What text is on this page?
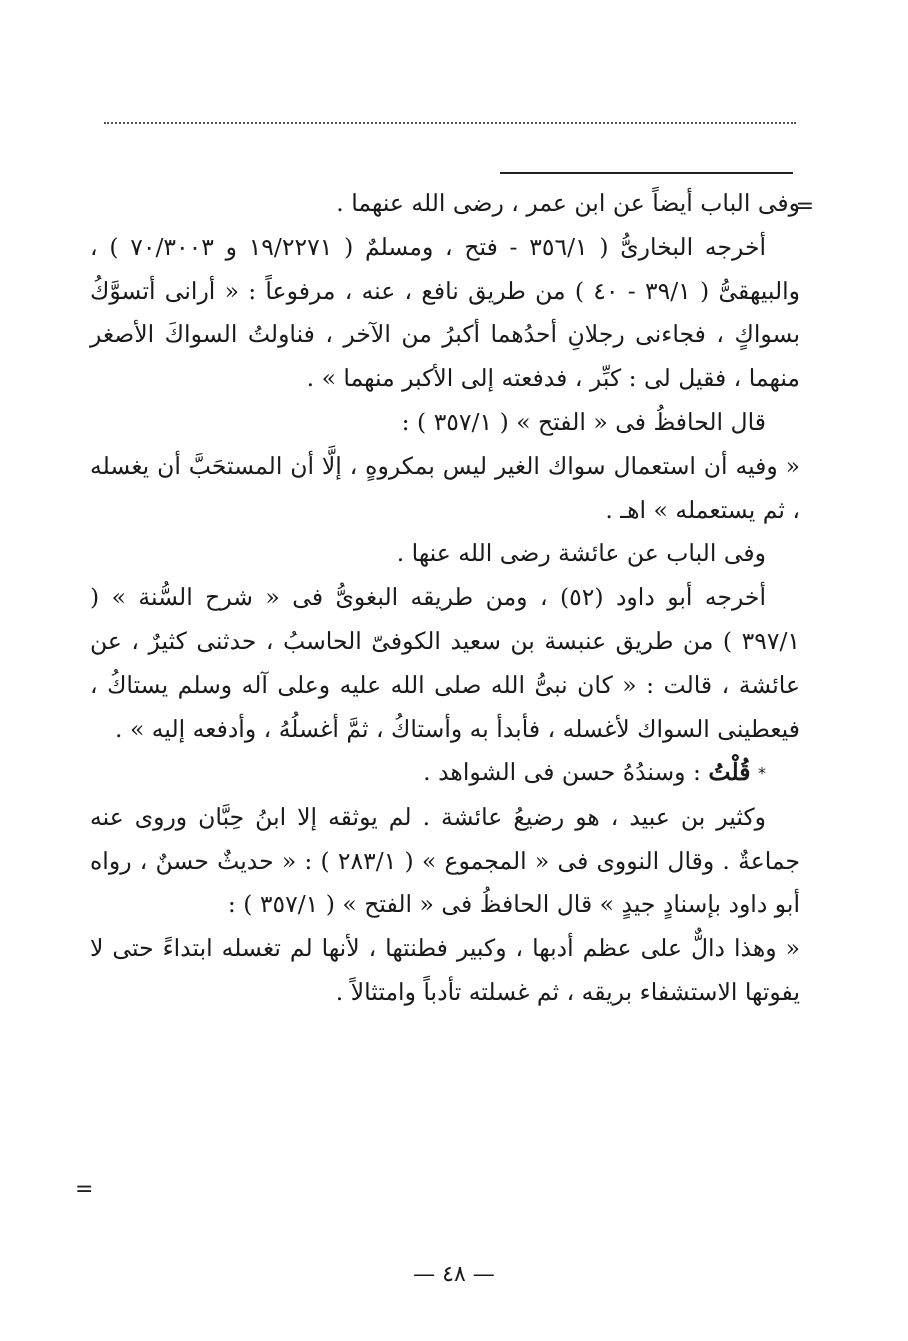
=

وفى الباب أيضاً عن ابن عمر ، رضى الله عنهما .

أخرجه البخارىُّ ( ٣٥٦/١ - فتح ، ومسلمٌ ( ١٩/٢٢٧١ و ٧٠/٣٠٠٣ ) ، والبيهقىُّ ( ٣٩/١ - ٤٠ ) من طريق نافع ، عنه ، مرفوعاً : « أرانى أتسوَّكُ بسواكٍ ، فجاءنى رجلانِ أحدُهما أكبرُ من الآخر ، فناولتُ السواكَ الأصغر منهما ، فقيل لى : كبِّر ، فدفعته إلى الأكبر منهما » .

قال الحافظُ فى « الفتح » ( ٣٥٧/١ ) :

« وفيه أن استعمال سواك الغير ليس بمكروهٍ ، إلَّا أن المستحَبَّ أن يغسله ، ثم يستعمله » اهـ .

وفى الباب عن عائشة رضى الله عنها .

أخرجه أبو داود (٥٢) ، ومن طريقه البغوىُّ فى « شرح السُّنة » ( ٣٩٧/١ ) من طريق عنبسة بن سعيد الكوفىّ الحاسبُ ، حدثنى كثيرٌ ، عن عائشة ، قالت : « كان نبىُّ الله صلى الله عليه وعلى آله وسلم يستاكُ ، فيعطينى السواك لأغسله ، فأبدأ به وأستاكُ ، ثمَّ أغسلُهُ ، وأدفعه إليه » .

* قُلْتُ : وسندُهُ حسن فى الشواهد .

وكثير بن عبيد ، هو رضيعُ عائشة . لم يوثقه إلا ابنُ حِبَّان وروى عنه جماعةٌ . وقال النووى فى « المجموع » ( ٢٨٣/١ ) : « حديثٌ حسنٌ ، رواه أبو داود بإسنادٍ جيدٍ » قال الحافظُ فى « الفتح » ( ٣٥٧/١ ) :

« وهذا دالٌّ على عظم أدبها ، وكبير فطنتها ، لأنها لم تغسله ابتداءً حتى لا يفوتها الاستشفاء بريقه ، ثم غسلته تأدباً وامتثالاً .

=
— ٤٨ —
